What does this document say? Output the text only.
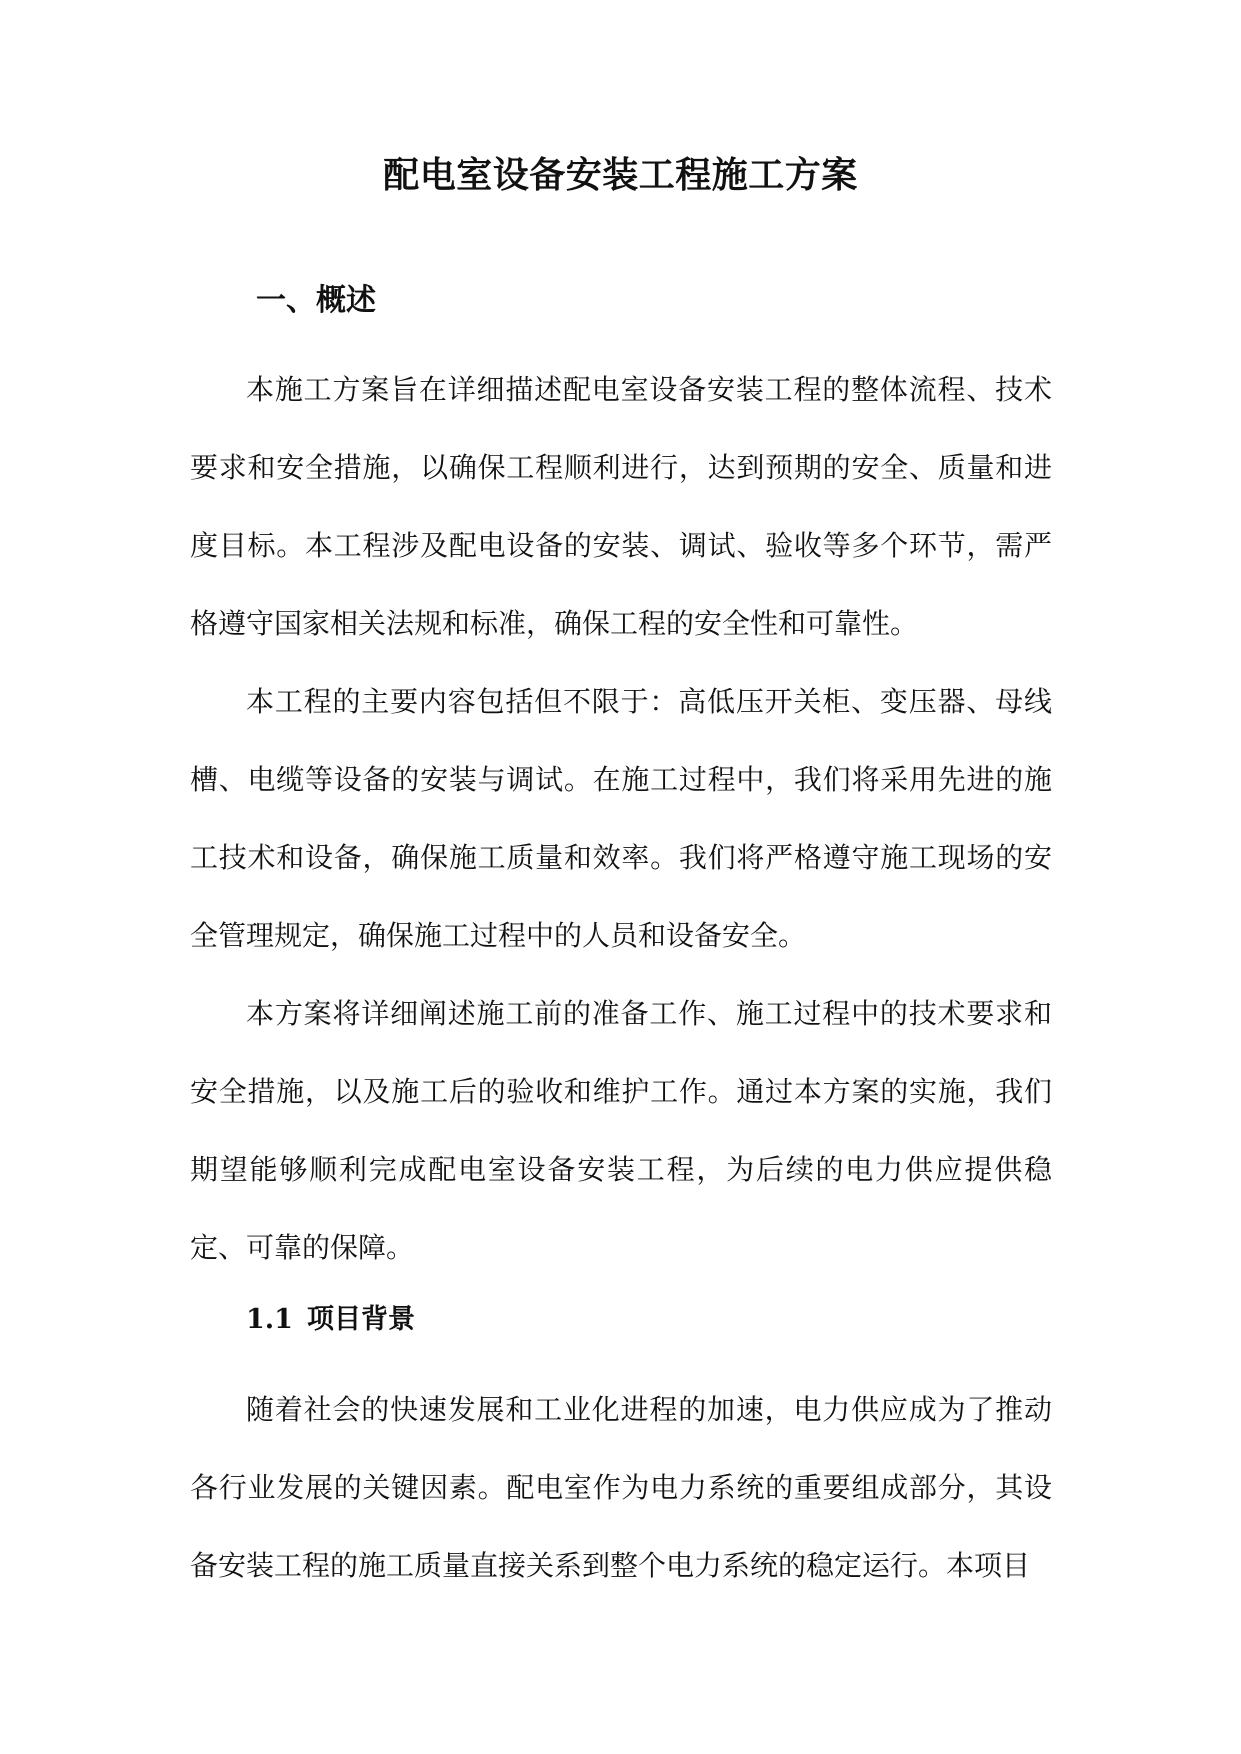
配电室设备安装工程施工方案
一、概述

本施工方案旨在详细描述配电室设备安装工程的整体流程、技术要求和安全措施，以确保工程顺利进行，达到预期的安全、质量和进度目标。本工程涉及配电设备的安装、调试、验收等多个环节，需严格遵守国家相关法规和标准，确保工程的安全性和可靠性。

本工程的主要内容包括但不限于：高低压开关柜、变压器、母线槽、电缆等设备的安装与调试。在施工过程中，我们将采用先进的施工技术和设备，确保施工质量和效率。我们将严格遵守施工现场的安全管理规定，确保施工过程中的人员和设备安全。

本方案将详细阐述施工前的准备工作、施工过程中的技术要求和安全措施，以及施工后的验收和维护工作。通过本方案的实施，我们期望能够顺利完成配电室设备安装工程，为后续的电力供应提供稳定、可靠的保障。

1.1 项目背景

随着社会的快速发展和工业化进程的加速，电力供应成为了推动各行业发展的关键因素。配电室作为电力系统的重要组成部分，其设备安装工程的施工质量直接关系到整个电力系统的稳定运行。本项目
